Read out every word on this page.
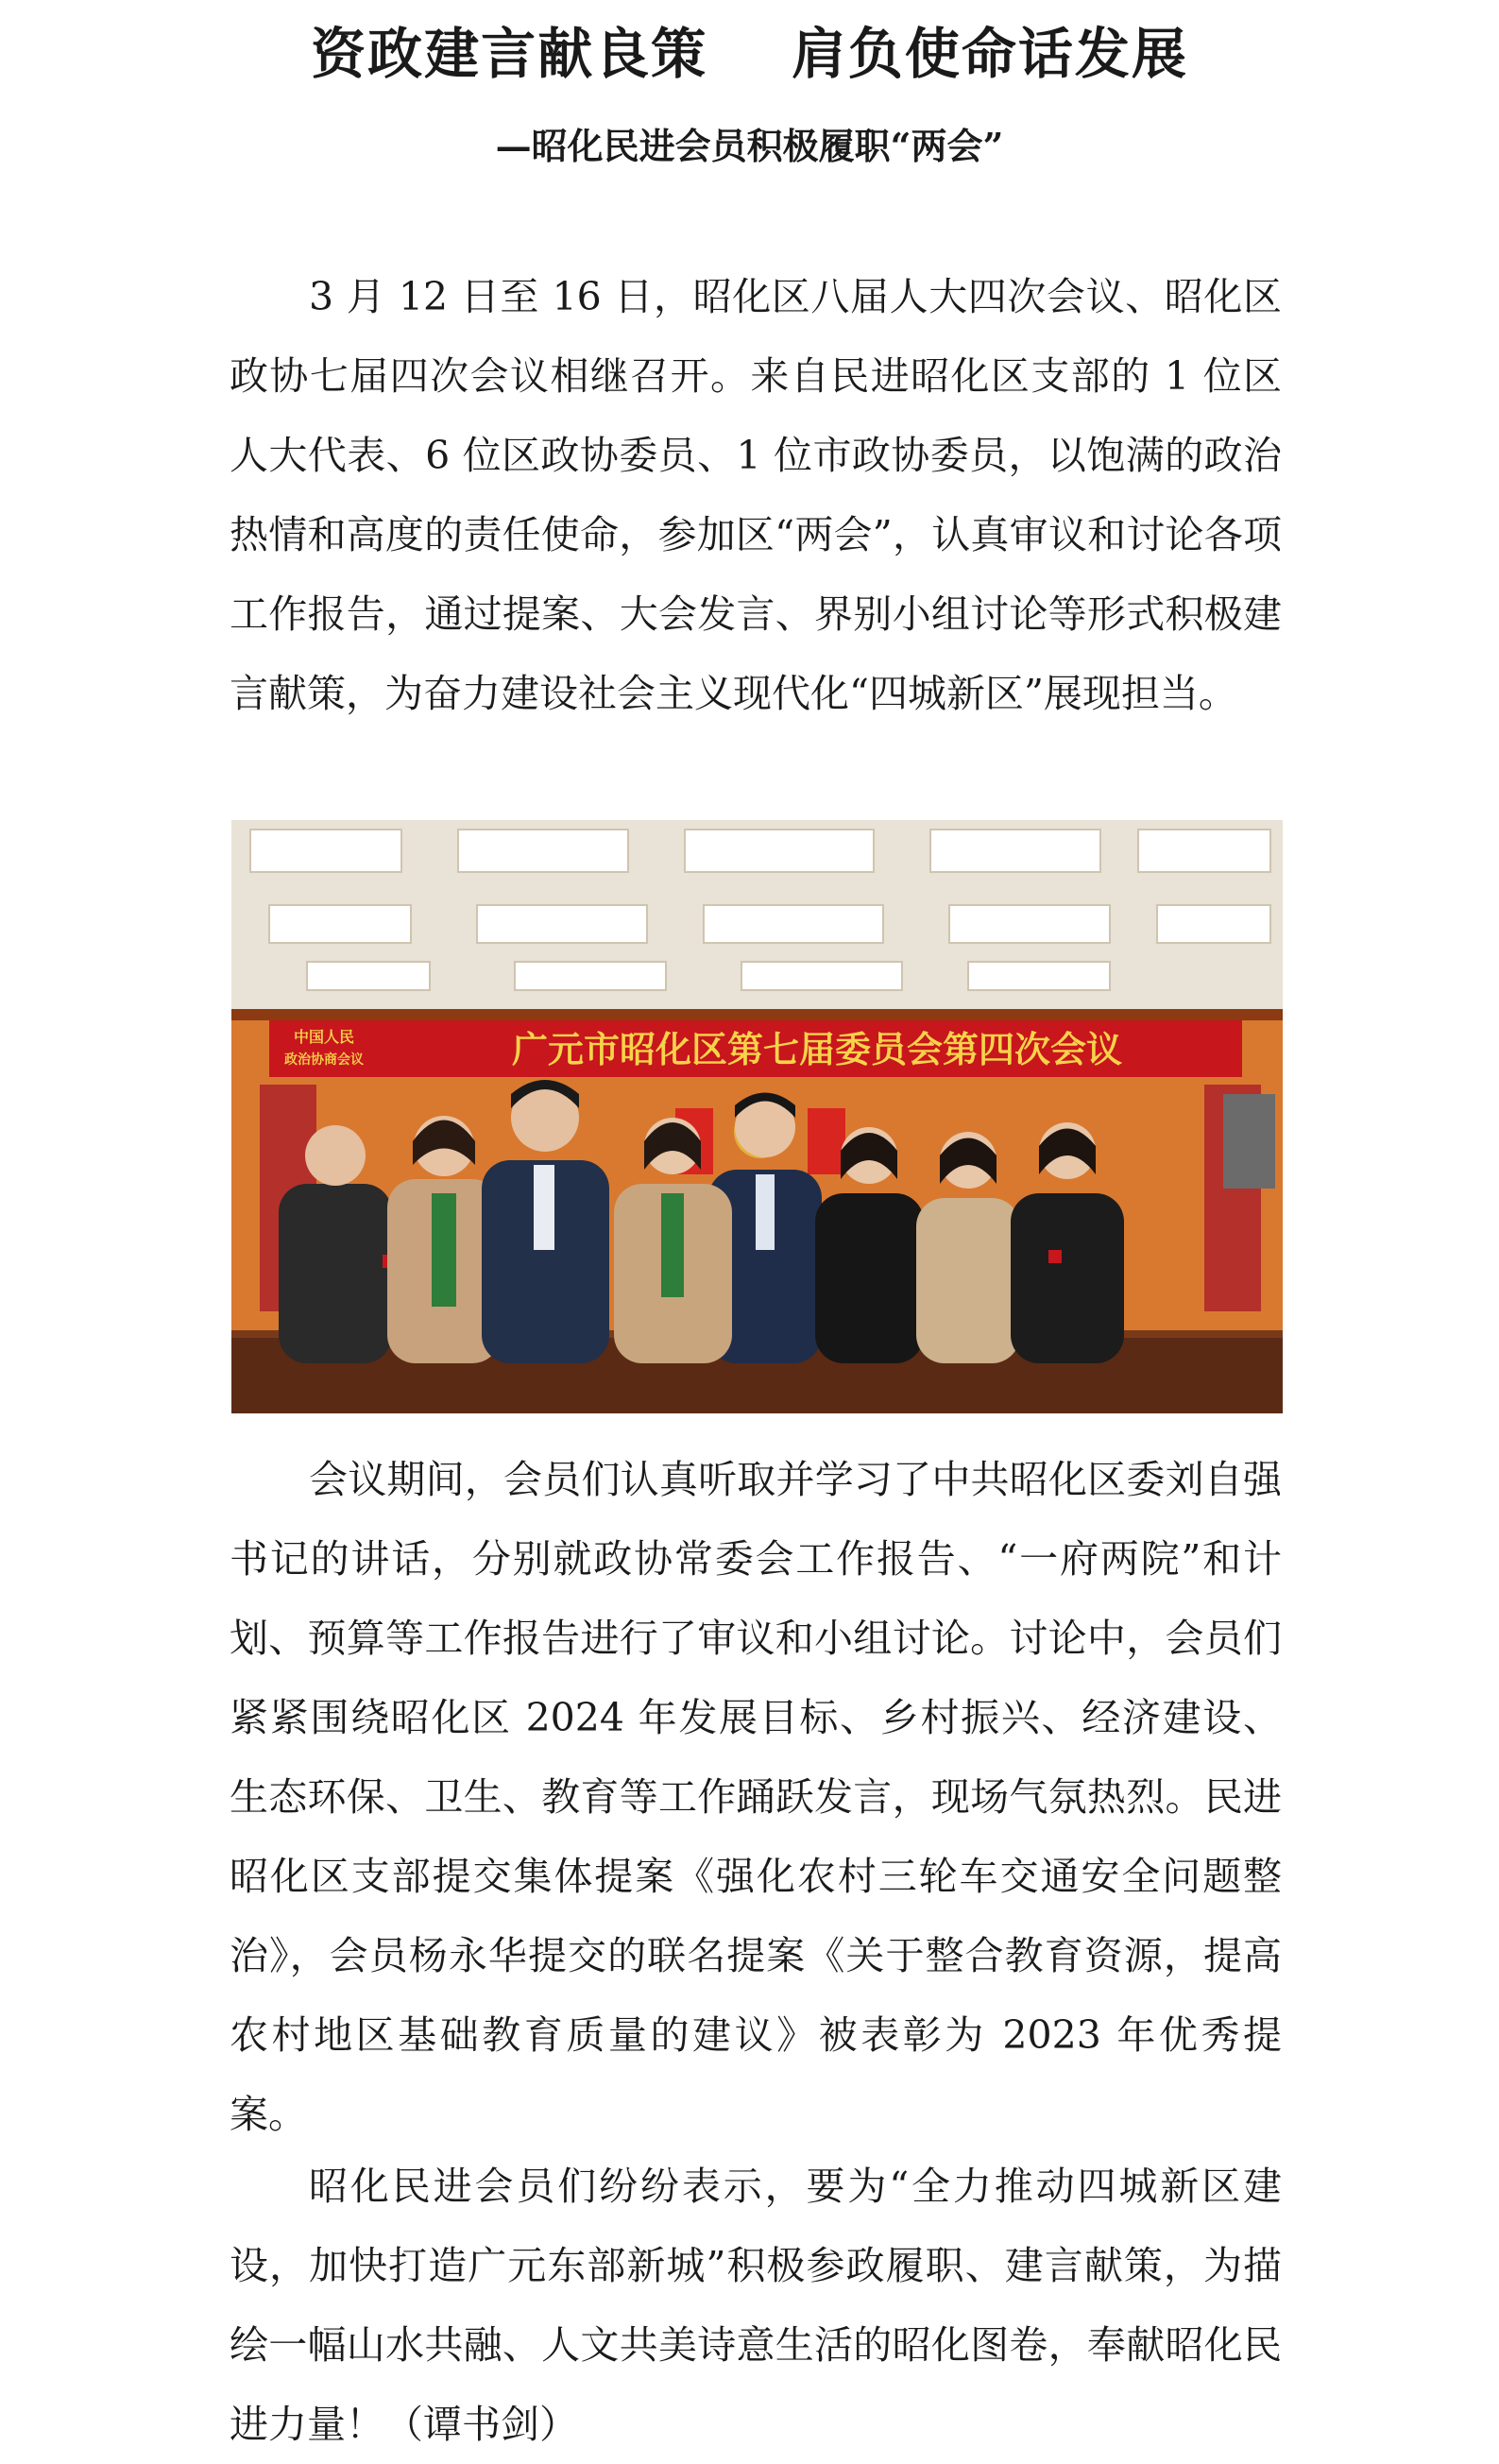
资政建言献良策    肩负使命话发展
—昭化民进会员积极履职“两会”

3 月 12 日至 16 日，昭化区八届人大四次会议、昭化区政协七届四次会议相继召开。来自民进昭化区支部的 1 位区人大代表、6 位区政协委员、1 位市政协委员，以饱满的政治热情和高度的责任使命，参加区“两会”，认真审议和讨论各项工作报告，通过提案、大会发言、界别小组讨论等形式积极建言献策，为奋力建设社会主义现代化“四城新区”展现担当。

中国人民
政治协商会议	广元市昭化区第七届委员会第四次会议

会议期间，会员们认真听取并学习了中共昭化区委刘自强书记的讲话，分别就政协常委会工作报告、“一府两院”和计划、预算等工作报告进行了审议和小组讨论。讨论中，会员们紧紧围绕昭化区 2024 年发展目标、乡村振兴、经济建设、生态环保、卫生、教育等工作踊跃发言，现场气氛热烈。民进昭化区支部提交集体提案《强化农村三轮车交通安全问题整治》，会员杨永华提交的联名提案《关于整合教育资源，提高农村地区基础教育质量的建议》被表彰为 2023 年优秀提案。

昭化民进会员们纷纷表示，要为“全力推动四城新区建设，加快打造广元东部新城”积极参政履职、建言献策，为描绘一幅山水共融、人文共美诗意生活的昭化图卷，奉献昭化民进力量！（谭书剑）
